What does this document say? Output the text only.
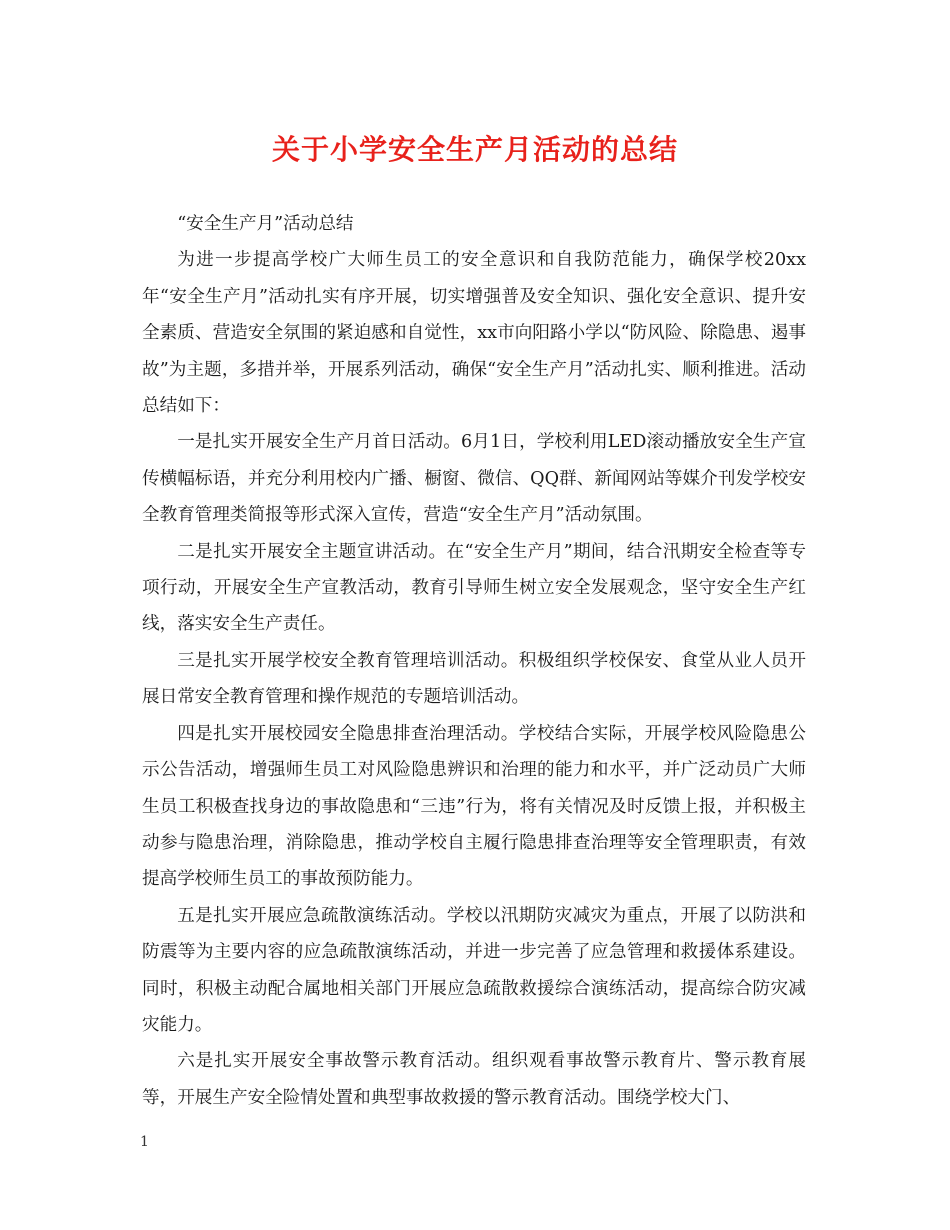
关于小学安全生产月活动的总结

“安全生产月”活动总结

为进一步提高学校广大师生员工的安全意识和自我防范能力，确保学校20xx年“安全生产月”活动扎实有序开展，切实增强普及安全知识、强化安全意识、提升安全素质、营造安全氛围的紧迫感和自觉性，xx市向阳路小学以“防风险、除隐患、遏事故”为主题，多措并举，开展系列活动，确保“安全生产月”活动扎实、顺利推进。活动总结如下：

一是扎实开展安全生产月首日活动。6月1日，学校利用LED滚动播放安全生产宣传横幅标语，并充分利用校内广播、橱窗、微信、QQ群、新闻网站等媒介刊发学校安全教育管理类简报等形式深入宣传，营造“安全生产月”活动氛围。

二是扎实开展安全主题宣讲活动。在“安全生产月”期间，结合汛期安全检查等专项行动，开展安全生产宣教活动，教育引导师生树立安全发展观念，坚守安全生产红线，落实安全生产责任。

三是扎实开展学校安全教育管理培训活动。积极组织学校保安、食堂从业人员开展日常安全教育管理和操作规范的专题培训活动。

四是扎实开展校园安全隐患排查治理活动。学校结合实际，开展学校风险隐患公示公告活动，增强师生员工对风险隐患辨识和治理的能力和水平，并广泛动员广大师生员工积极查找身边的事故隐患和“三违”行为，将有关情况及时反馈上报，并积极主动参与隐患治理，消除隐患，推动学校自主履行隐患排查治理等安全管理职责，有效提高学校师生员工的事故预防能力。

五是扎实开展应急疏散演练活动。学校以汛期防灾减灾为重点，开展了以防洪和防震等为主要内容的应急疏散演练活动，并进一步完善了应急管理和救援体系建设。同时，积极主动配合属地相关部门开展应急疏散救援综合演练活动，提高综合防灾减灾能力。

六是扎实开展安全事故警示教育活动。组织观看事故警示教育片、警示教育展等，开展生产安全险情处置和典型事故救援的警示教育活动。围绕学校大门、

1
